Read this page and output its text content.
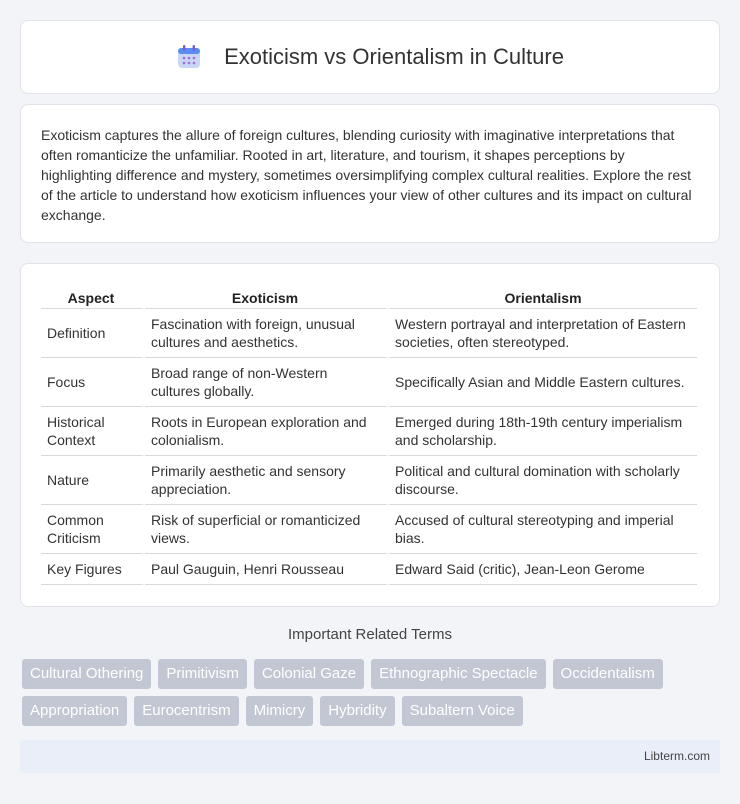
Exoticism vs Orientalism in Culture

Exoticism captures the allure of foreign cultures, blending curiosity with imaginative interpretations that often romanticize the unfamiliar. Rooted in art, literature, and tourism, it shapes perceptions by highlighting difference and mystery, sometimes oversimplifying complex cultural realities. Explore the rest of the article to understand how exoticism influences your view of other cultures and its impact on cultural exchange.

Aspect	Exoticism	Orientalism
Definition	Fascination with foreign, unusual cultures and aesthetics.	Western portrayal and interpretation of Eastern societies, often stereotyped.
Focus	Broad range of non-Western cultures globally.	Specifically Asian and Middle Eastern cultures.
Historical Context	Roots in European exploration and colonialism.	Emerged during 18th-19th century imperialism and scholarship.
Nature	Primarily aesthetic and sensory appreciation.	Political and cultural domination with scholarly discourse.
Common Criticism	Risk of superficial or romanticized views.	Accused of cultural stereotyping and imperial bias.
Key Figures	Paul Gauguin, Henri Rousseau	Edward Said (critic), Jean-Leon Gerome
Important Related Terms
Cultural Othering	Primitivism	Colonial Gaze	Ethnographic Spectacle	Occidentalism
Appropriation	Eurocentrism	Mimicry	Hybridity	Subaltern Voice
Libterm.com
